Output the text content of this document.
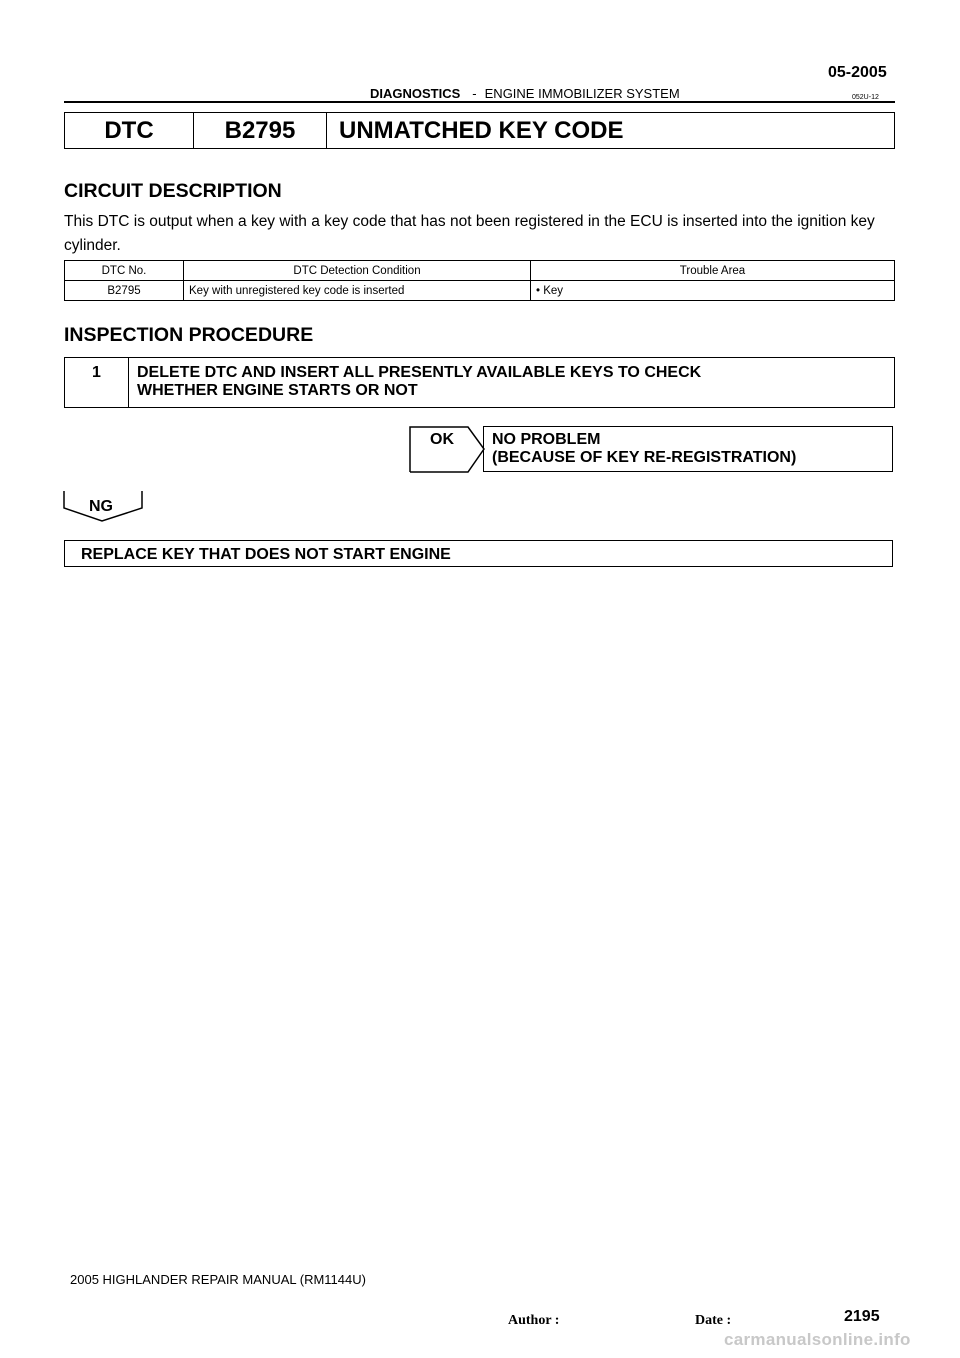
05-2005
DIAGNOSTICS - ENGINE IMMOBILIZER SYSTEM	052U-12
DTC	B2795	UNMATCHED KEY CODE
CIRCUIT DESCRIPTION
This DTC is output when a key with a key code that has not been registered in the ECU is inserted into the ignition key cylinder.
DTC No.	DTC Detection Condition	Trouble Area
B2795	Key with unregistered key code is inserted	• Key
INSPECTION PROCEDURE
1	DELETE DTC AND INSERT ALL PRESENTLY AVAILABLE KEYS TO CHECK
WHETHER ENGINE STARTS OR NOT
OK NO PROBLEM
(BECAUSE OF KEY RE-REGISTRATION)
NG
REPLACE KEY THAT DOES NOT START ENGINE
2005 HIGHLANDER REPAIR MANUAL (RM1144U)
Author :	Date :	2195
carmanualsonline.info
